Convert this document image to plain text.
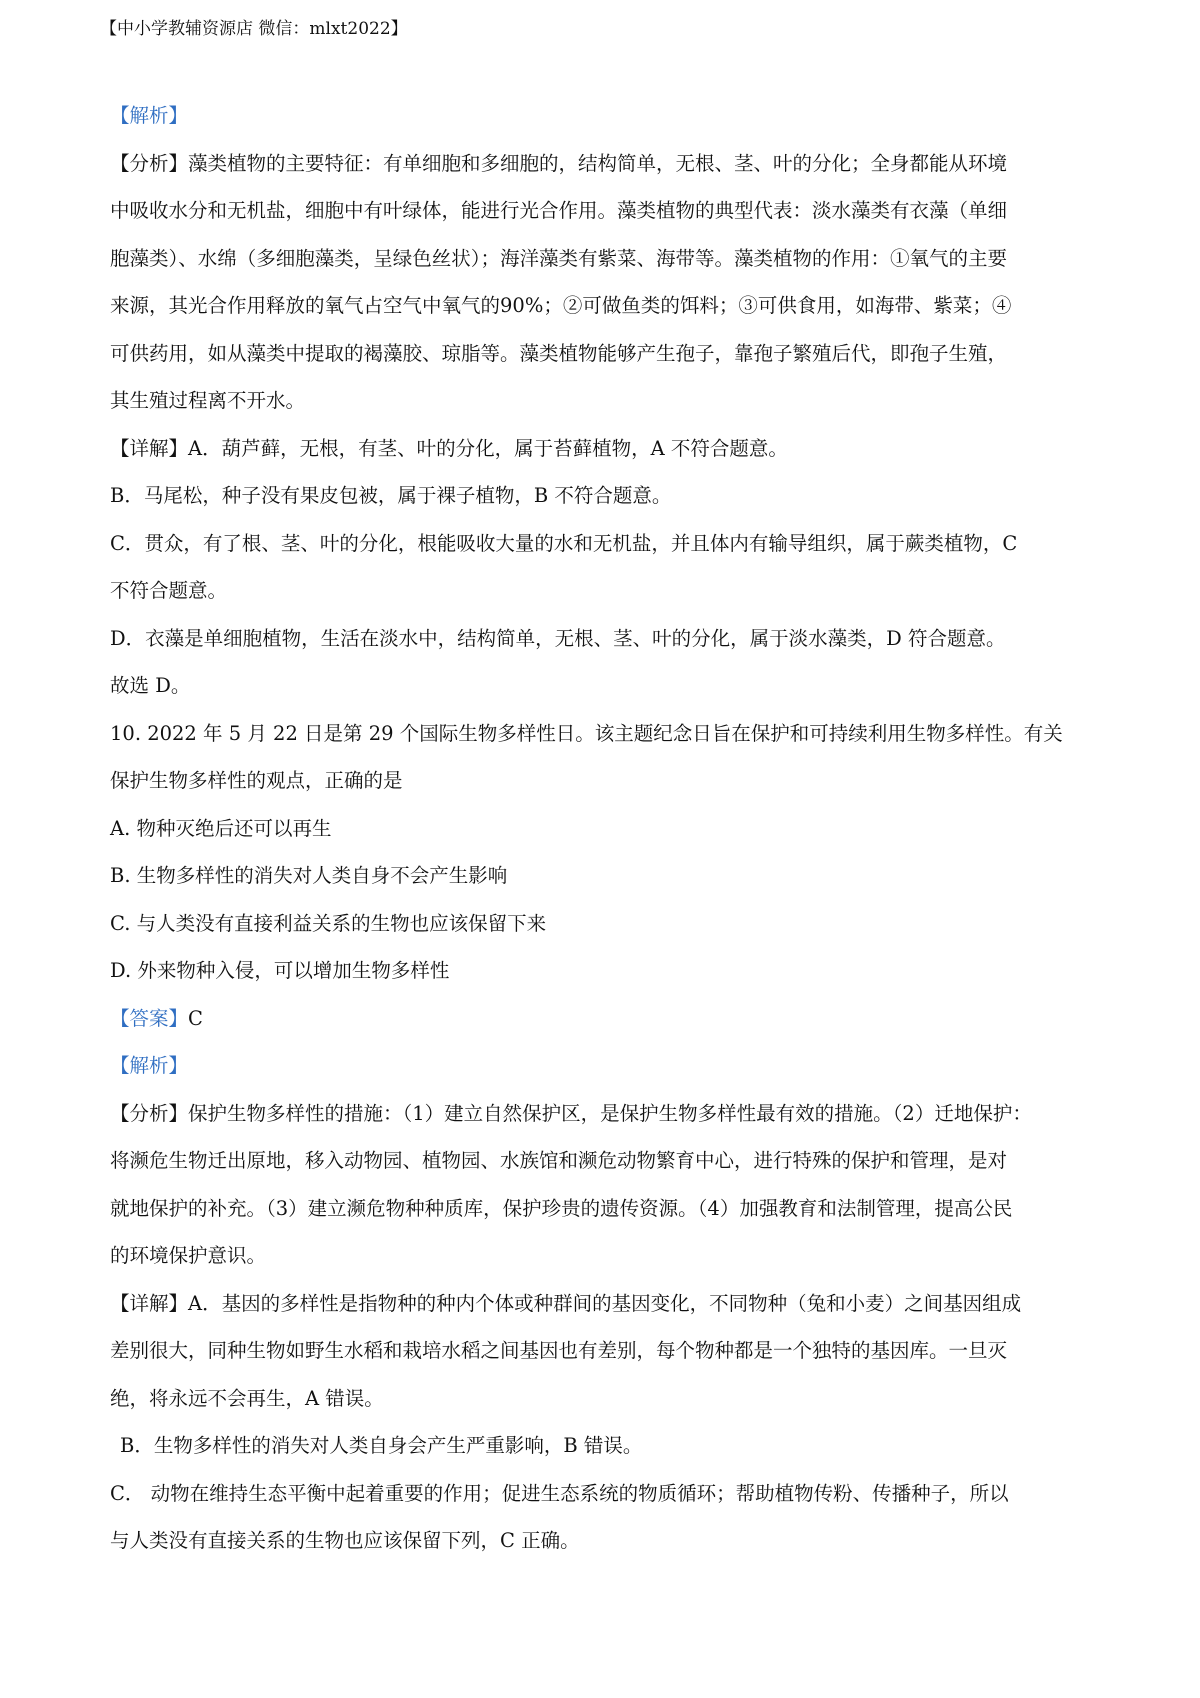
【中小学教辅资源店 微信：mlxt2022】
【解析】
【分析】藻类植物的主要特征：有单细胞和多细胞的，结构简单，无根、茎、叶的分化；全身都能从环境
中吸收水分和无机盐，细胞中有叶绿体，能进行光合作用。藻类植物的典型代表：淡水藻类有衣藻（单细
胞藻类）、水绵（多细胞藻类，呈绿色丝状）；海洋藻类有紫菜、海带等。藻类植物的作用：①氧气的主要
来源，其光合作用释放的氧气占空气中氧气的90%；②可做鱼类的饵料；③可供食用，如海带、紫菜；④
可供药用，如从藻类中提取的褐藻胶、琼脂等。藻类植物能够产生孢子，靠孢子繁殖后代，即孢子生殖，
其生殖过程离不开水。
【详解】A．葫芦藓，无根，有茎、叶的分化，属于苔藓植物，A 不符合题意。
B．马尾松，种子没有果皮包被，属于裸子植物，B 不符合题意。
C．贯众，有了根、茎、叶的分化，根能吸收大量的水和无机盐，并且体内有输导组织，属于蕨类植物，C
不符合题意。
D．衣藻是单细胞植物，生活在淡水中，结构简单，无根、茎、叶的分化，属于淡水藻类，D 符合题意。
故选 D。
10. 2022 年 5 月 22 日是第 29 个国际生物多样性日。该主题纪念日旨在保护和可持续利用生物多样性。有关
保护生物多样性的观点，正确的是
A. 物种灭绝后还可以再生
B. 生物多样性的消失对人类自身不会产生影响
C. 与人类没有直接利益关系的生物也应该保留下来
D. 外来物种入侵，可以增加生物多样性
【答案】C
【解析】
【分析】保护生物多样性的措施：（1）建立自然保护区，是保护生物多样性最有效的措施。（2）迁地保护：
将濒危生物迁出原地，移入动物园、植物园、水族馆和濒危动物繁育中心，进行特殊的保护和管理，是对
就地保护的补充。（3）建立濒危物种种质库，保护珍贵的遗传资源。（4）加强教育和法制管理，提高公民
的环境保护意识。
【详解】A．基因的多样性是指物种的种内个体或种群间的基因变化，不同物种（兔和小麦）之间基因组成
差别很大，同种生物如野生水稻和栽培水稻之间基因也有差别，每个物种都是一个独特的基因库。一旦灭
绝，将永远不会再生，A 错误。
B．生物多样性的消失对人类自身会产生严重影响，B 错误。
C． 动物在维持生态平衡中起着重要的作用；促进生态系统的物质循环；帮助植物传粉、传播种子，所以
与人类没有直接关系的生物也应该保留下列，C 正确。
